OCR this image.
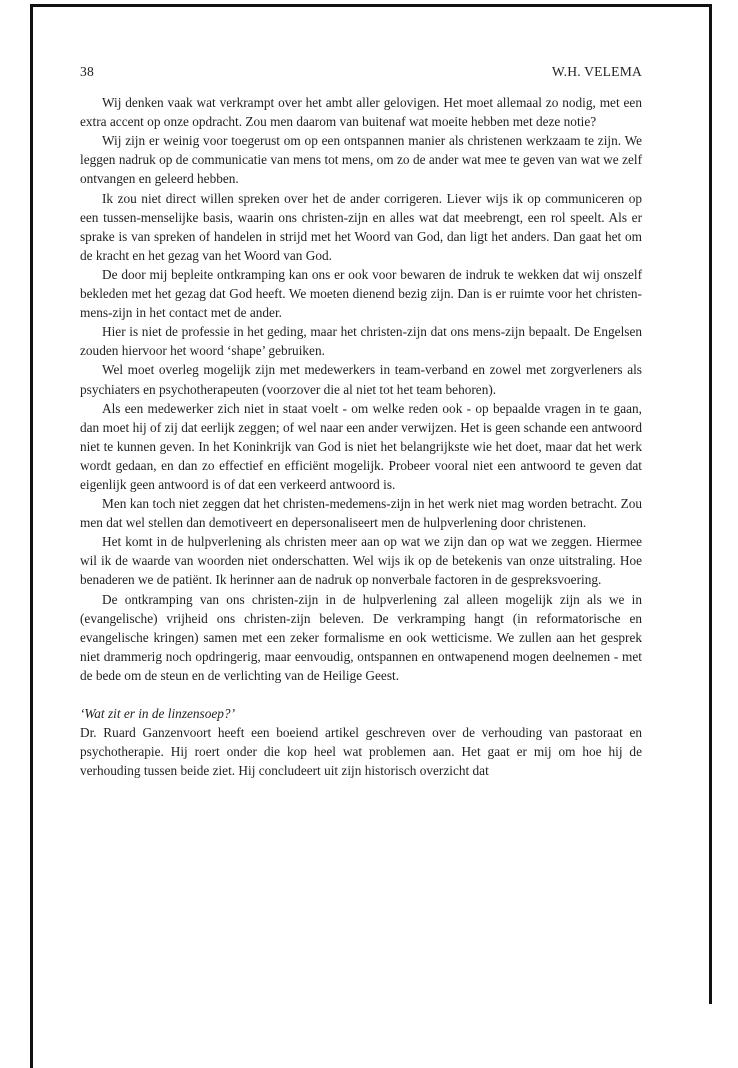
38	W.H. VELEMA

Wij denken vaak wat verkrampt over het ambt aller gelovigen. Het moet allemaal zo nodig, met een extra accent op onze opdracht. Zou men daarom van buitenaf wat moeite hebben met deze notie?

Wij zijn er weinig voor toegerust om op een ontspannen manier als christenen werkzaam te zijn. We leggen nadruk op de communicatie van mens tot mens, om zo de ander wat mee te geven van wat we zelf ontvangen en geleerd hebben.

Ik zou niet direct willen spreken over het de ander corrigeren. Liever wijs ik op communiceren op een tussen-menselijke basis, waarin ons christen-zijn en alles wat dat meebrengt, een rol speelt. Als er sprake is van spreken of handelen in strijd met het Woord van God, dan ligt het anders. Dan gaat het om de kracht en het gezag van het Woord van God.

De door mij bepleite ontkramping kan ons er ook voor bewaren de indruk te wekken dat wij onszelf bekleden met het gezag dat God heeft. We moeten dienend bezig zijn. Dan is er ruimte voor het christen-mens-zijn in het contact met de ander.

Hier is niet de professie in het geding, maar het christen-zijn dat ons mens-zijn bepaalt. De Engelsen zouden hiervoor het woord ‘shape’ gebruiken.

Wel moet overleg mogelijk zijn met medewerkers in team-verband en zowel met zorgverleners als psychiaters en psychotherapeuten (voorzover die al niet tot het team behoren).

Als een medewerker zich niet in staat voelt - om welke reden ook - op bepaalde vragen in te gaan, dan moet hij of zij dat eerlijk zeggen; of wel naar een ander verwijzen. Het is geen schande een antwoord niet te kunnen geven. In het Koninkrijk van God is niet het belangrijkste wie het doet, maar dat het werk wordt gedaan, en dan zo effectief en efficiënt mogelijk. Probeer vooral niet een antwoord te geven dat eigenlijk geen antwoord is of dat een verkeerd antwoord is.

Men kan toch niet zeggen dat het christen-medemens-zijn in het werk niet mag worden betracht. Zou men dat wel stellen dan demotiveert en depersonaliseert men de hulpverlening door christenen.

Het komt in de hulpverlening als christen meer aan op wat we zijn dan op wat we zeggen. Hiermee wil ik de waarde van woorden niet onderschatten. Wel wijs ik op de betekenis van onze uitstraling. Hoe benaderen we de patiënt. Ik herinner aan de nadruk op nonverbale factoren in de gespreksvoering.

De ontkramping van ons christen-zijn in de hulpverlening zal alleen mogelijk zijn als we in (evangelische) vrijheid ons christen-zijn beleven. De verkramping hangt (in reformatorische en evangelische kringen) samen met een zeker formalisme en ook wetticisme. We zullen aan het gesprek niet drammerig noch opdringerig, maar eenvoudig, ontspannen en ontwapenend mogen deelnemen - met de bede om de steun en de verlichting van de Heilige Geest.

‘Wat zit er in de linzensoep?’

Dr. Ruard Ganzenvoort heeft een boeiend artikel geschreven over de verhouding van pastoraat en psychotherapie. Hij roert onder die kop heel wat problemen aan. Het gaat er mij om hoe hij de verhouding tussen beide ziet. Hij concludeert uit zijn historisch overzicht dat
